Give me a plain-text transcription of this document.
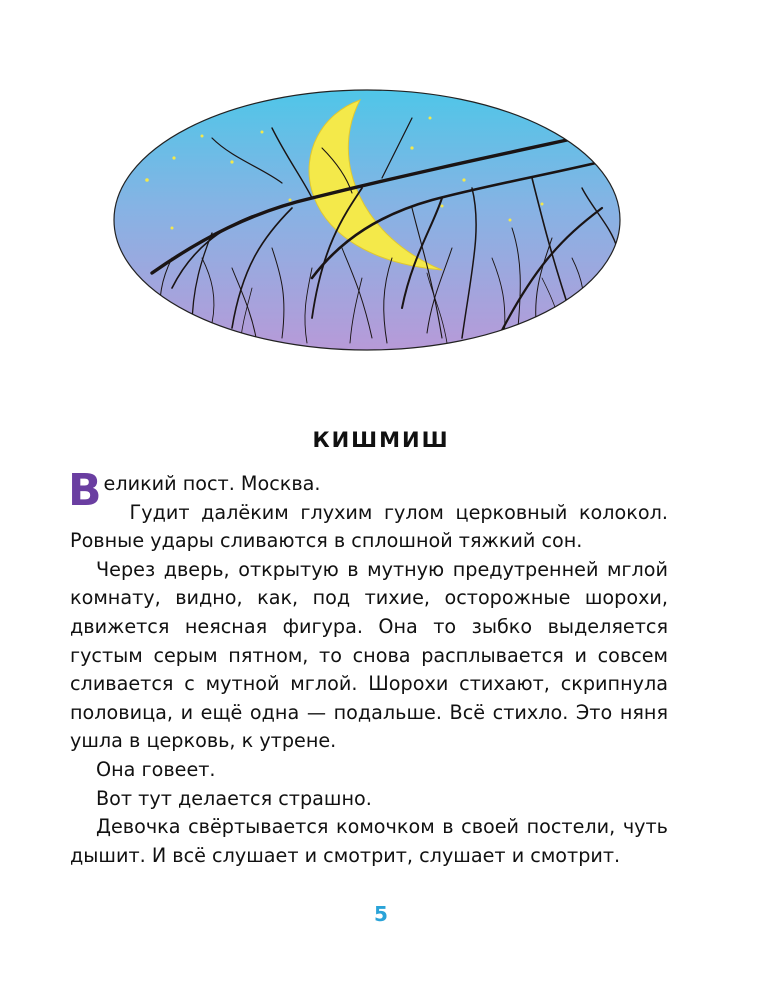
КИШМИШ

Великий пост. Москва.

Гудит далёким глухим гулом церковный колокол. Ровные удары сливаются в сплошной тяжкий сон.

Через дверь, открытую в мутную предутренней мглой комнату, видно, как, под тихие, осторожные шорохи, движется неясная фигура. Она то зыбко выделяется густым серым пятном, то снова расплывается и совсем сливается с мутной мглой. Шорохи стихают, скрипнула половица, и ещё одна — подальше. Всё стихло. Это няня ушла в церковь, к утрене.

Она говеет.

Вот тут делается страшно.

Девочка свёртывается комочком в своей постели, чуть дышит. И всё слушает и смотрит, слушает и смотрит.

5
